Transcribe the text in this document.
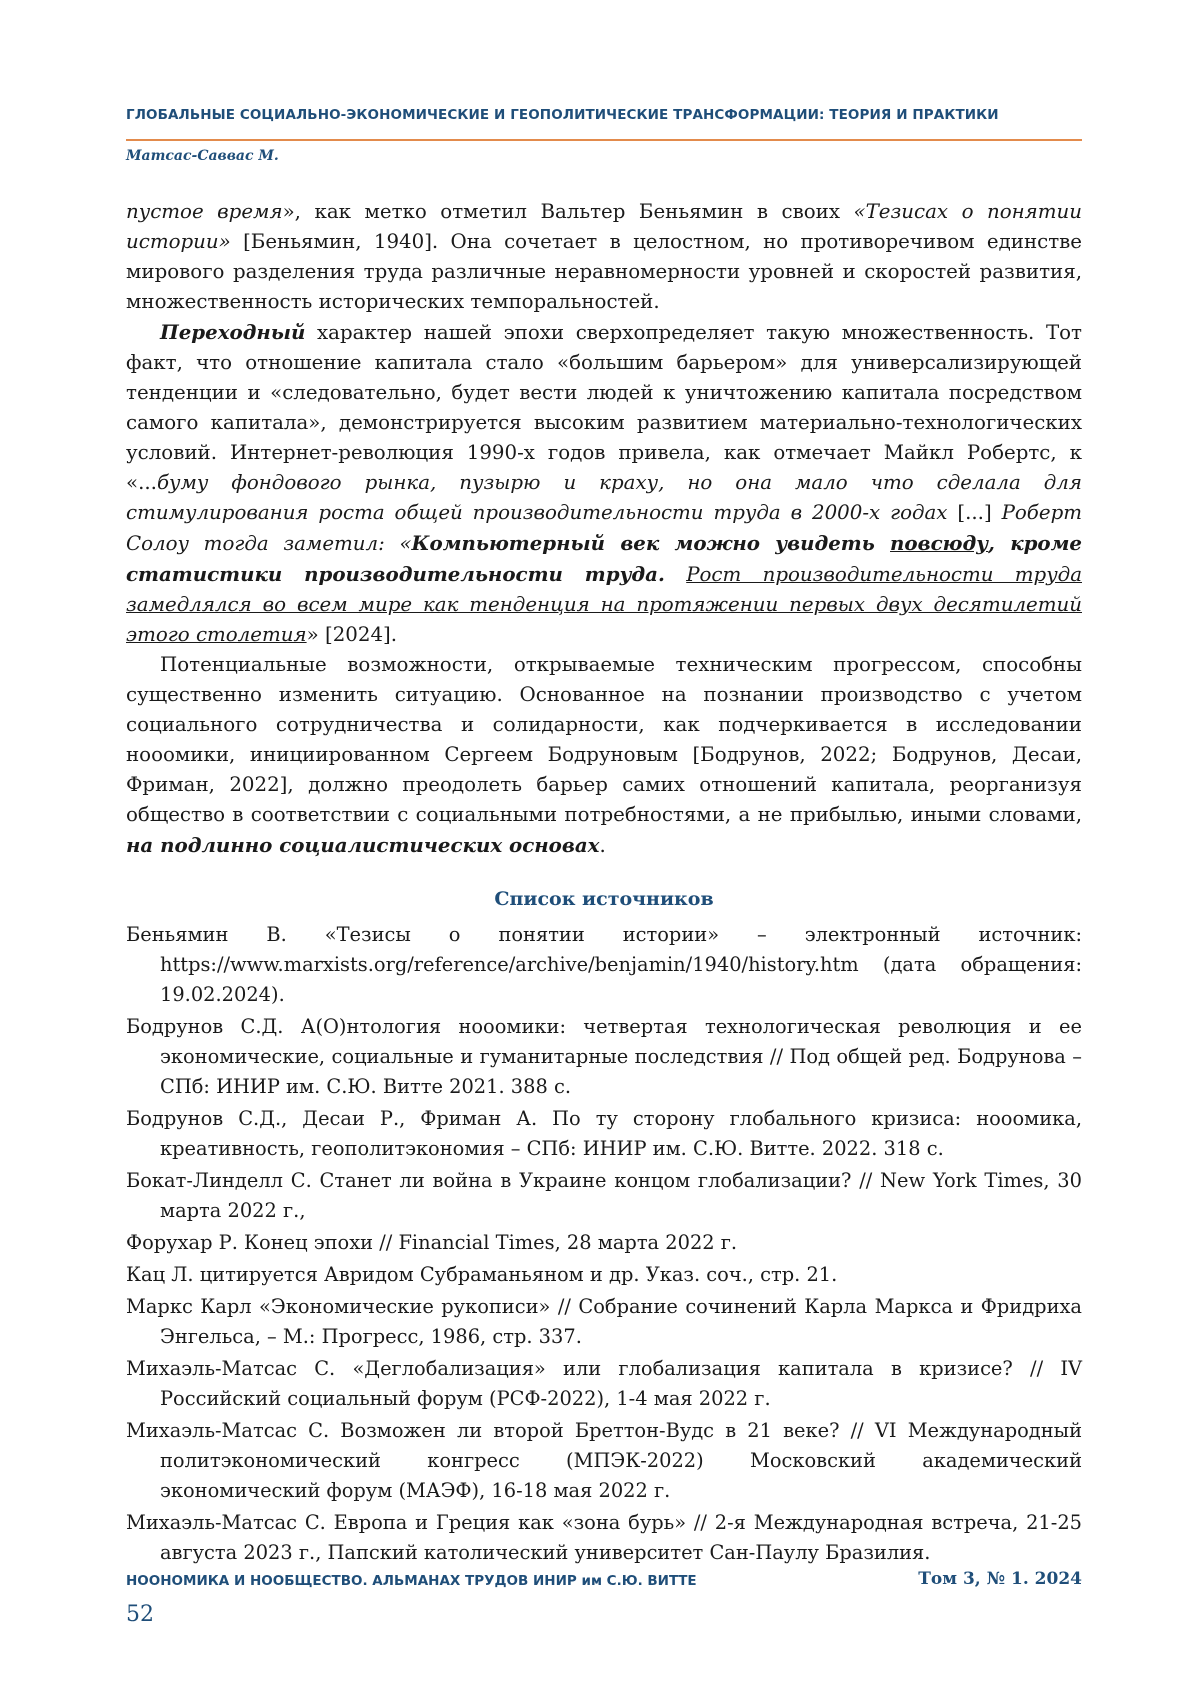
ГЛОБАЛЬНЫЕ СОЦИАЛЬНО-ЭКОНОМИЧЕСКИЕ И ГЕОПОЛИТИЧЕСКИЕ ТРАНСФОРМАЦИИ: ТЕОРИЯ И ПРАКТИКИ
Матсас-Саввас М.

пустое время», как метко отметил Вальтер Беньямин в своих «Тезисах о понятии истории» [Беньямин, 1940]. Она сочетает в целостном, но противоречивом единстве мирового разделения труда различные неравномерности уровней и скоростей развития, множественность исторических темпоральностей.

Переходный характер нашей эпохи сверхопределяет такую множественность. Тот факт, что отношение капитала стало «большим барьером» для универсализирующей тенденции и «следовательно, будет вести людей к уничтожению капитала посредством самого капитала», демонстрируется высоким развитием материально-технологических условий. Интернет-революция 1990-х годов привела, как отмечает Майкл Робертс, к «...буму фондового рынка, пузырю и краху, но она мало что сделала для стимулирования роста общей производительности труда в 2000-х годах [...] Роберт Солоу тогда заметил: «Компьютерный век можно увидеть повсюду, кроме статистики производительности труда. Рост производительности труда замедлялся во всем мире как тенденция на протяжении первых двух десятилетий этого столетия» [2024].

Потенциальные возможности, открываемые техническим прогрессом, способны существенно изменить ситуацию. Основанное на познании производство с учетом социального сотрудничества и солидарности, как подчеркивается в исследовании нооомики, инициированном Сергеем Бодруновым [Бодрунов, 2022; Бодрунов, Десаи, Фриман, 2022], должно преодолеть барьер самих отношений капитала, реорганизуя общество в соответствии с социальными потребностями, а не прибылью, иными словами, на подлинно социалистических основах.

Список источников
Беньямин В. «Тезисы о понятии истории» – электронный источник: https://www.marxists.org/reference/archive/benjamin/1940/history.htm (дата обращения: 19.02.2024).
Бодрунов С.Д. А(О)нтология нооомики: четвертая технологическая революция и ее экономические, социальные и гуманитарные последствия // Под общей ред. Бодрунова – СПб: ИНИР им. С.Ю. Витте 2021. 388 с.
Бодрунов С.Д., Десаи Р., Фриман А. По ту сторону глобального кризиса: нооомика, креативность, геополитэкономия – СПб: ИНИР им. С.Ю. Витте. 2022. 318 с.
Бокат-Линделл С. Станет ли война в Украине концом глобализации? // New York Times, 30 марта 2022 г.,
Форухар Р. Конец эпохи // Financial Times, 28 марта 2022 г.
Кац Л. цитируется Авридом Субраманьяном и др. Указ. соч., стр. 21.
Маркс Карл «Экономические рукописи» // Собрание сочинений Карла Маркса и Фридриха Энгельса, – М.: Прогресс, 1986, стр. 337.
Михаэль-Матсас С. «Деглобализация» или глобализация капитала в кризисе? // IV Российский социальный форум (РСФ-2022), 1-4 мая 2022 г.
Михаэль-Матсас С. Возможен ли второй Бреттон-Вудс в 21 веке? // VI Международный политэкономический конгресс (МПЭК-2022) Московский академический экономический форум (МАЭФ), 16-18 мая 2022 г.
Михаэль-Матсас С. Европа и Греция как «зона бурь» // 2-я Международная встреча, 21-25 августа 2023 г., Папский католический университет Сан-Паулу Бразилия.
НООНОМИКА И НООБЩЕСТВО. АЛЬМАНАХ ТРУДОВ ИНИР им С.Ю. ВИТТЕ	Том 3, № 1. 2024
52
